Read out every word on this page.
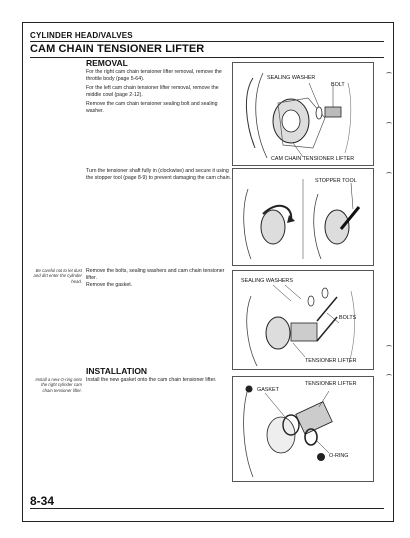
CYLINDER HEAD/VALVES
CAM CHAIN TENSIONER LIFTER
REMOVAL
For the right cam chain tensioner lifter removal, remove the throttle body (page 5-64).
For the left cam chain tensioner lifter removal, remove the middle cowl (page 2-12).
Remove the cam chain tensioner sealing bolt and sealing washer.
SEALING WASHER
BOLT
CAM CHAIN TENSIONER LIFTER
Turn the tensioner shaft fully in (clockwise) and secure it using the stopper tool (page 8-9) to prevent damaging the cam chain.
STOPPER TOOL
Be careful not to let dust and dirt enter the cylinder head.
Remove the bolts, sealing washers and cam chain tensioner lifter.
Remove the gasket.
SEALING WASHERS
BOLTS
TENSIONER LIFTER
INSTALLATION
Install a new O-ring onto the right cylinder cam chain tensioner lifter.
Install the new gasket onto the cam chain tensioner lifter.
GASKET
TENSIONER LIFTER
O-RING
8-34
